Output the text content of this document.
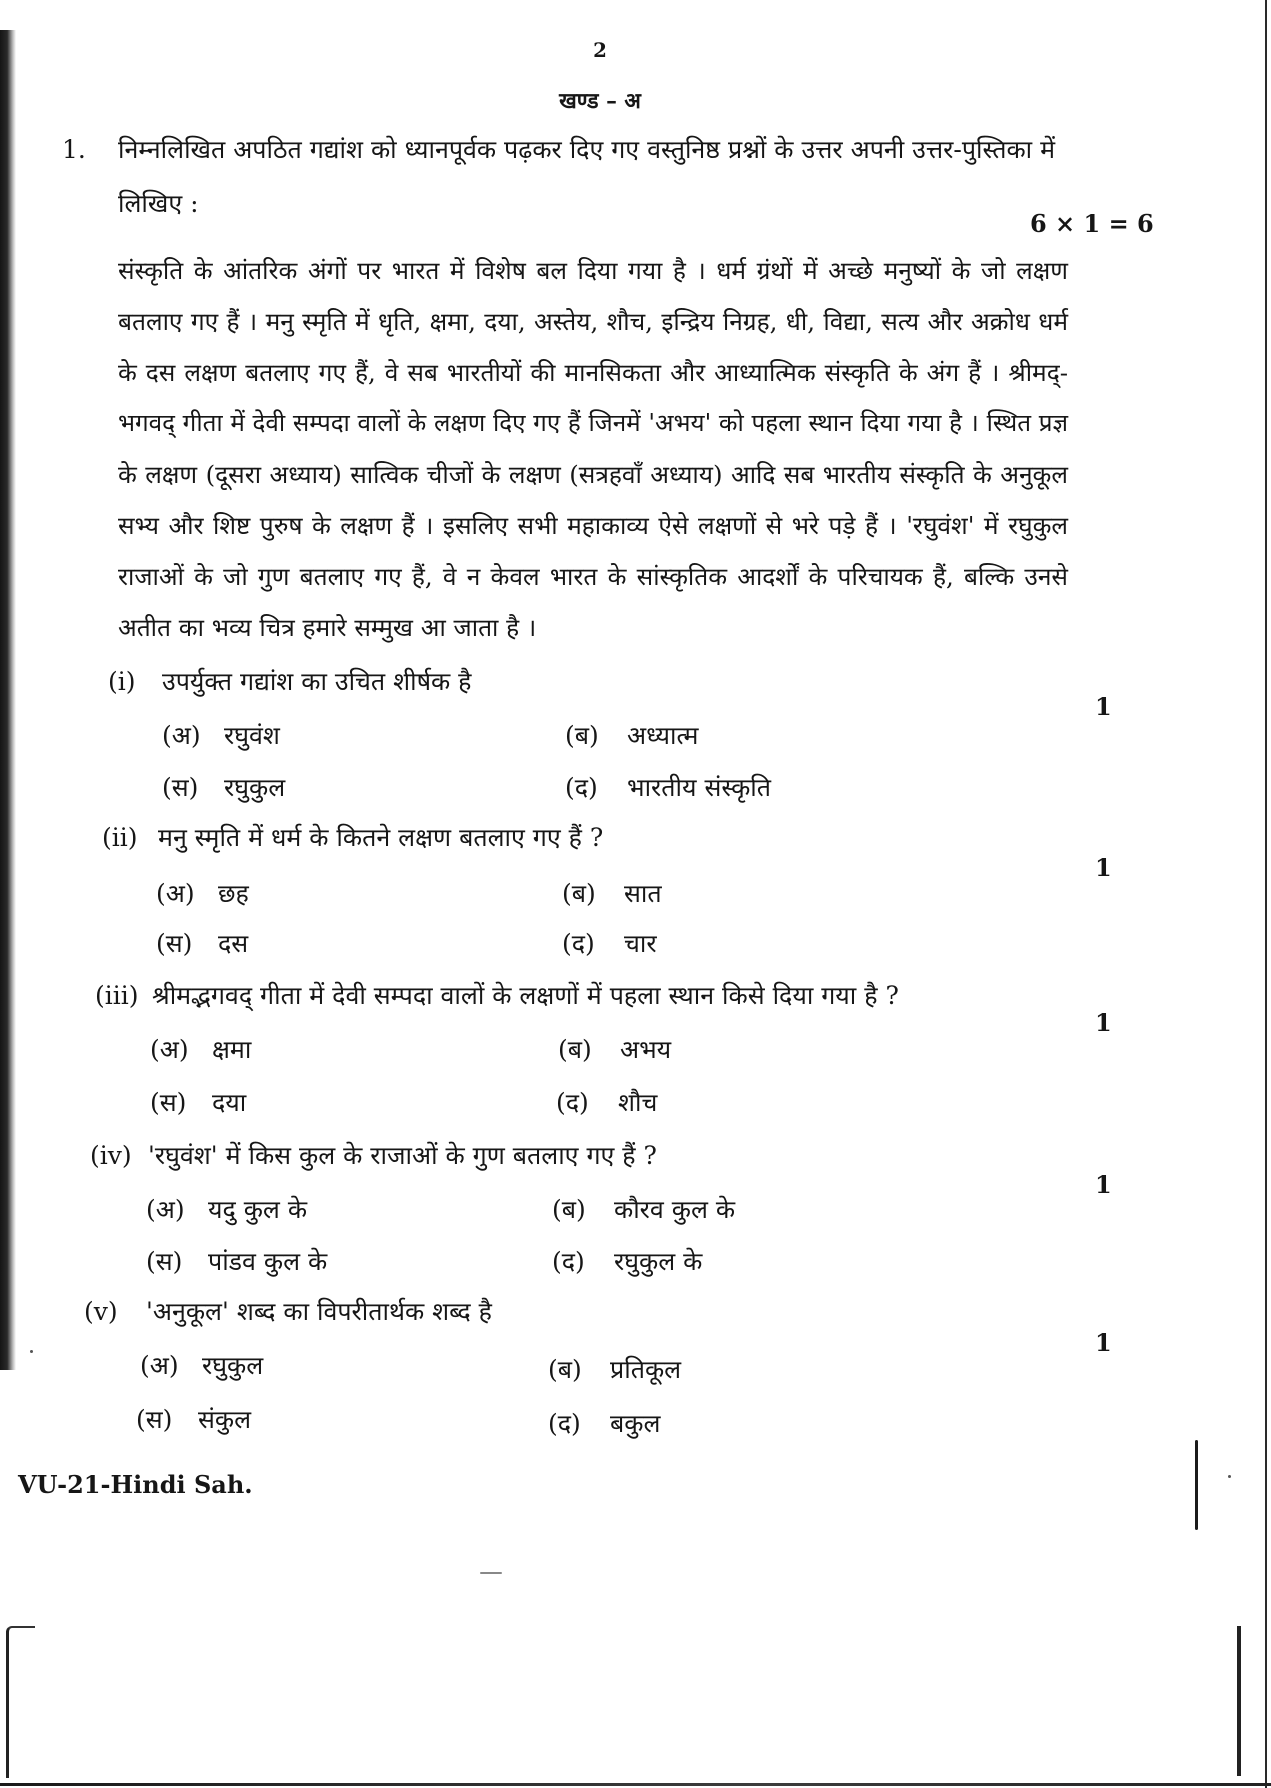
2
खण्ड – अ
1. निम्नलिखित अपठित गद्यांश को ध्यानपूर्वक पढ़कर दिए गए वस्तुनिष्ठ प्रश्नों के उत्तर अपनी उत्तर-पुस्तिका में
लिखिए :
6 × 1 = 6
संस्कृति के आंतरिक अंगों पर भारत में विशेष बल दिया गया है । धर्म ग्रंथों में अच्छे मनुष्यों के जो लक्षण
बतलाए गए हैं । मनु स्मृति में धृति, क्षमा, दया, अस्तेय, शौच, इन्द्रिय निग्रह, धी, विद्या, सत्य और अक्रोध धर्म
के दस लक्षण बतलाए गए हैं, वे सब भारतीयों की मानसिकता और आध्यात्मिक संस्कृति के अंग हैं । श्रीमद्-
भगवद् गीता में देवी सम्पदा वालों के लक्षण दिए गए हैं जिनमें 'अभय' को पहला स्थान दिया गया है । स्थित प्रज्ञ
के लक्षण (दूसरा अध्याय) सात्विक चीजों के लक्षण (सत्रहवाँ अध्याय) आदि सब भारतीय संस्कृति के अनुकूल
सभ्य और शिष्ट पुरुष के लक्षण हैं । इसलिए सभी महाकाव्य ऐसे लक्षणों से भरे पड़े हैं । 'रघुवंश' में रघुकुल
राजाओं के जो गुण बतलाए गए हैं, वे न केवल भारत के सांस्कृतिक आदर्शों के परिचायक हैं, बल्कि उनसे
अतीत का भव्य चित्र हमारे सम्मुख आ जाता है ।
(i) उपर्युक्त गद्यांश का उचित शीर्षक है
1
(अ) रघुवंश	(ब) अध्यात्म
(स) रघुकुल	(द) भारतीय संस्कृति
(ii) मनु स्मृति में धर्म के कितने लक्षण बतलाए गए हैं ?
1
(अ) छह	(ब) सात
(स) दस	(द) चार
(iii) श्रीमद्भगवद् गीता में देवी सम्पदा वालों के लक्षणों में पहला स्थान किसे दिया गया है ?
1
(अ) क्षमा	(ब) अभय
(स) दया	(द) शौच
(iv) 'रघुवंश' में किस कुल के राजाओं के गुण बतलाए गए हैं ?
1
(अ) यदु कुल के	(ब) कौरव कुल के
(स) पांडव कुल के	(द) रघुकुल के
(v) 'अनुकूल' शब्द का विपरीतार्थक शब्द है
1
(अ) रघुकुल	(ब) प्रतिकूल
(स) संकुल	(द) बकुल
VU-21-Hindi Sah.
